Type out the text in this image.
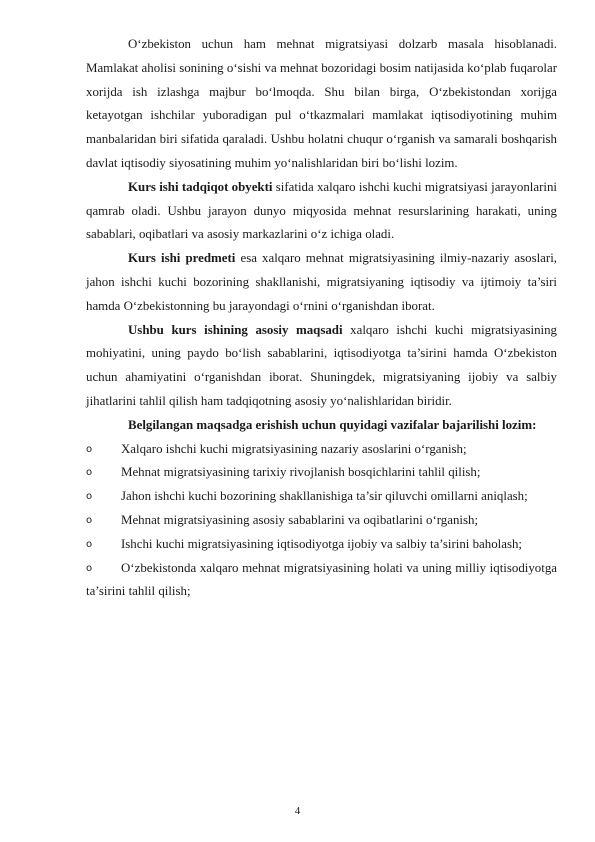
O‘zbekiston uchun ham mehnat migratsiyasi dolzarb masala hisoblanadi. Mamlakat aholisi sonining o‘sishi va mehnat bozoridagi bosim natijasida ko‘plab fuqarolar xorijda ish izlashga majbur bo‘lmoqda. Shu bilan birga, O‘zbekistondan xorijga ketayotgan ishchilar yuboradigan pul o‘tkazmalari mamlakat iqtisodiyotining muhim manbalaridan biri sifatida qaraladi. Ushbu holatni chuqur o‘rganish va samarali boshqarish davlat iqtisodiy siyosatining muhim yo‘nalishlaridan biri bo‘lishi lozim.

Kurs ishi tadqiqot obyekti sifatida xalqaro ishchi kuchi migratsiyasi jarayonlarini qamrab oladi. Ushbu jarayon dunyo miqyosida mehnat resurslarining harakati, uning sabablari, oqibatlari va asosiy markazlarini o‘z ichiga oladi.

Kurs ishi predmeti esa xalqaro mehnat migratsiyasining ilmiy-nazariy asoslari, jahon ishchi kuchi bozorining shakllanishi, migratsiyaning iqtisodiy va ijtimoiy ta’siri hamda O‘zbekistonning bu jarayondagi o‘rnini o‘rganishdan iborat.

Ushbu kurs ishining asosiy maqsadi xalqaro ishchi kuchi migratsiyasining mohiyatini, uning paydo bo‘lish sabablarini, iqtisodiyotga ta’sirini hamda O‘zbekiston uchun ahamiyatini o‘rganishdan iborat. Shuningdek, migratsiyaning ijobiy va salbiy jihatlarini tahlil qilish ham tadqiqotning asosiy yo‘nalishlaridan biridir.

Belgilangan maqsadga erishish uchun quyidagi vazifalar bajarilishi lozim:

o	Xalqaro ishchi kuchi migratsiyasining nazariy asoslarini o‘rganish;
o	Mehnat migratsiyasining tarixiy rivojlanish bosqichlarini tahlil qilish;
o	Jahon ishchi kuchi bozorining shakllanishiga ta’sir qiluvchi omillarni aniqlash;
o	Mehnat migratsiyasining asosiy sabablarini va oqibatlarini o‘rganish;
o	Ishchi kuchi migratsiyasining iqtisodiyotga ijobiy va salbiy ta’sirini baholash;
o	O‘zbekistonda xalqaro mehnat migratsiyasining holati va uning milliy iqtisodiyotga ta’sirini tahlil qilish;
4
